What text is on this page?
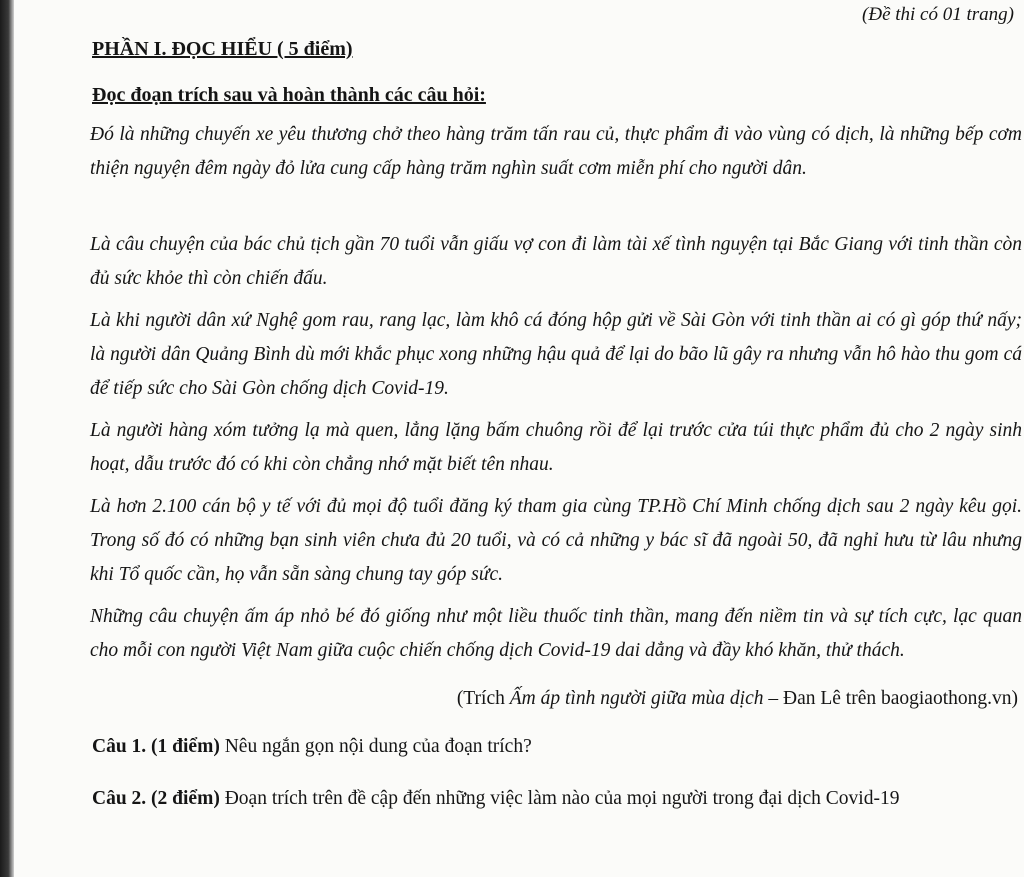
(Đề thi có 01 trang)
PHẦN I. ĐỌC HIỂU ( 5 điểm)
Đọc đoạn trích sau và hoàn thành các câu hỏi:
Đó là những chuyến xe yêu thương chở theo hàng trăm tấn rau củ, thực phẩm đi vào vùng có dịch, là những bếp cơm thiện nguyện đêm ngày đỏ lửa cung cấp hàng trăm nghìn suất cơm miễn phí cho người dân.
Là câu chuyện của bác chủ tịch gần 70 tuổi vẫn giấu vợ con đi làm tài xế tình nguyện tại Bắc Giang với tinh thần còn đủ sức khỏe thì còn chiến đấu.
Là khi người dân xứ Nghệ gom rau, rang lạc, làm khô cá đóng hộp gửi về Sài Gòn với tinh thần ai có gì góp thứ nấy; là người dân Quảng Bình dù mới khắc phục xong những hậu quả để lại do bão lũ gây ra nhưng vẫn hô hào thu gom cá để tiếp sức cho Sài Gòn chống dịch Covid-19.
Là người hàng xóm tưởng lạ mà quen, lẳng lặng bấm chuông rồi để lại trước cửa túi thực phẩm đủ cho 2 ngày sinh hoạt, dẫu trước đó có khi còn chẳng nhớ mặt biết tên nhau.
Là hơn 2.100 cán bộ y tế với đủ mọi độ tuổi đăng ký tham gia cùng TP.Hồ Chí Minh chống dịch sau 2 ngày kêu gọi. Trong số đó có những bạn sinh viên chưa đủ 20 tuổi, và có cả những y bác sĩ đã ngoài 50, đã nghỉ hưu từ lâu nhưng khi Tổ quốc cần, họ vẫn sẵn sàng chung tay góp sức.
Những câu chuyện ấm áp nhỏ bé đó giống như một liều thuốc tinh thần, mang đến niềm tin và sự tích cực, lạc quan cho mỗi con người Việt Nam giữa cuộc chiến chống dịch Covid-19 dai dẳng và đầy khó khăn, thử thách.
(Trích Ấm áp tình người giữa mùa dịch – Đan Lê trên baogiaothong.vn)
Câu 1. (1 điểm) Nêu ngắn gọn nội dung của đoạn trích?
Câu 2. (2 điểm) Đoạn trích trên đề cập đến những việc làm nào của mọi người trong đại dịch Covid-19
